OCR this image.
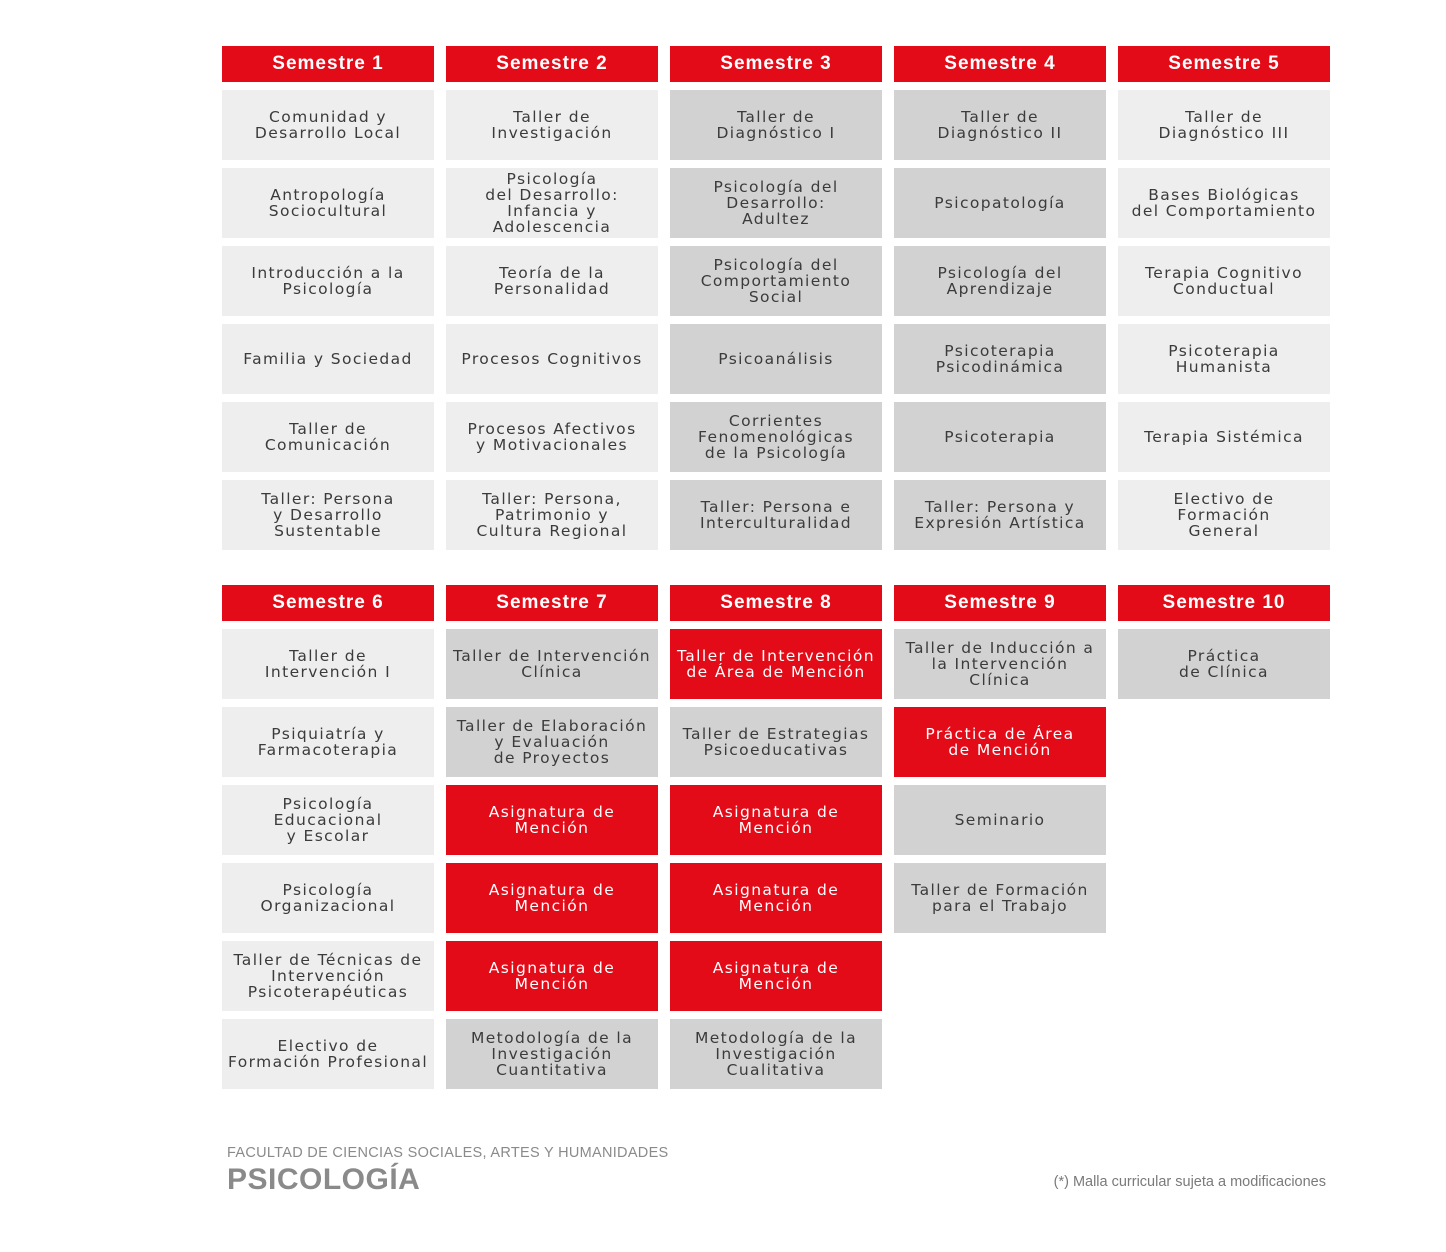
Semestre 1
Comunidad y
Desarrollo Local
Antropología
Sociocultural
Introducción a la
Psicología
Familia y Sociedad
Taller de
Comunicación
Taller: Persona
y Desarrollo
Sustentable
Semestre 2
Taller de
Investigación
Psicología
del Desarrollo:
Infancia y
Adolescencia
Teoría de la
Personalidad
Procesos Cognitivos
Procesos Afectivos
y Motivacionales
Taller: Persona,
Patrimonio y
Cultura Regional
Semestre 3
Taller de
Diagnóstico I
Psicología del
Desarrollo:
Adultez
Psicología del
Comportamiento
Social
Psicoanálisis
Corrientes
Fenomenológicas
de la Psicología
Taller: Persona e
Interculturalidad
Semestre 4
Taller de
Diagnóstico II
Psicopatología
Psicología del
Aprendizaje
Psicoterapia
Psicodinámica
Psicoterapia
Taller: Persona y
Expresión Artística
Semestre 5
Taller de
Diagnóstico III
Bases Biológicas
del Comportamiento
Terapia Cognitivo
Conductual
Psicoterapia
Humanista
Terapia Sistémica
Electivo de
Formación
General
Semestre 6
Taller de
Intervención I
Psiquiatría y
Farmacoterapia
Psicología
Educacional
y Escolar
Psicología
Organizacional
Taller de Técnicas de
Intervención
Psicoterapéuticas
Electivo de
Formación Profesional
Semestre 7
Taller de Intervención
Clínica
Taller de Elaboración
y Evaluación
de Proyectos
Asignatura de
Mención
Asignatura de
Mención
Asignatura de
Mención
Metodología de la
Investigación
Cuantitativa
Semestre 8
Taller de Intervención
de Área de Mención
Taller de Estrategias
Psicoeducativas
Asignatura de
Mención
Asignatura de
Mención
Asignatura de
Mención
Metodología de la
Investigación
Cualitativa
Semestre 9
Taller de Inducción a
la Intervención Clínica
Práctica de Área
de Mención
Seminario
Taller de Formación
para el Trabajo
Semestre 10
Práctica
de Clínica
FACULTAD DE CIENCIAS SOCIALES, ARTES Y HUMANIDADES
PSICOLOGÍA	(*) Malla curricular sujeta a modificaciones
